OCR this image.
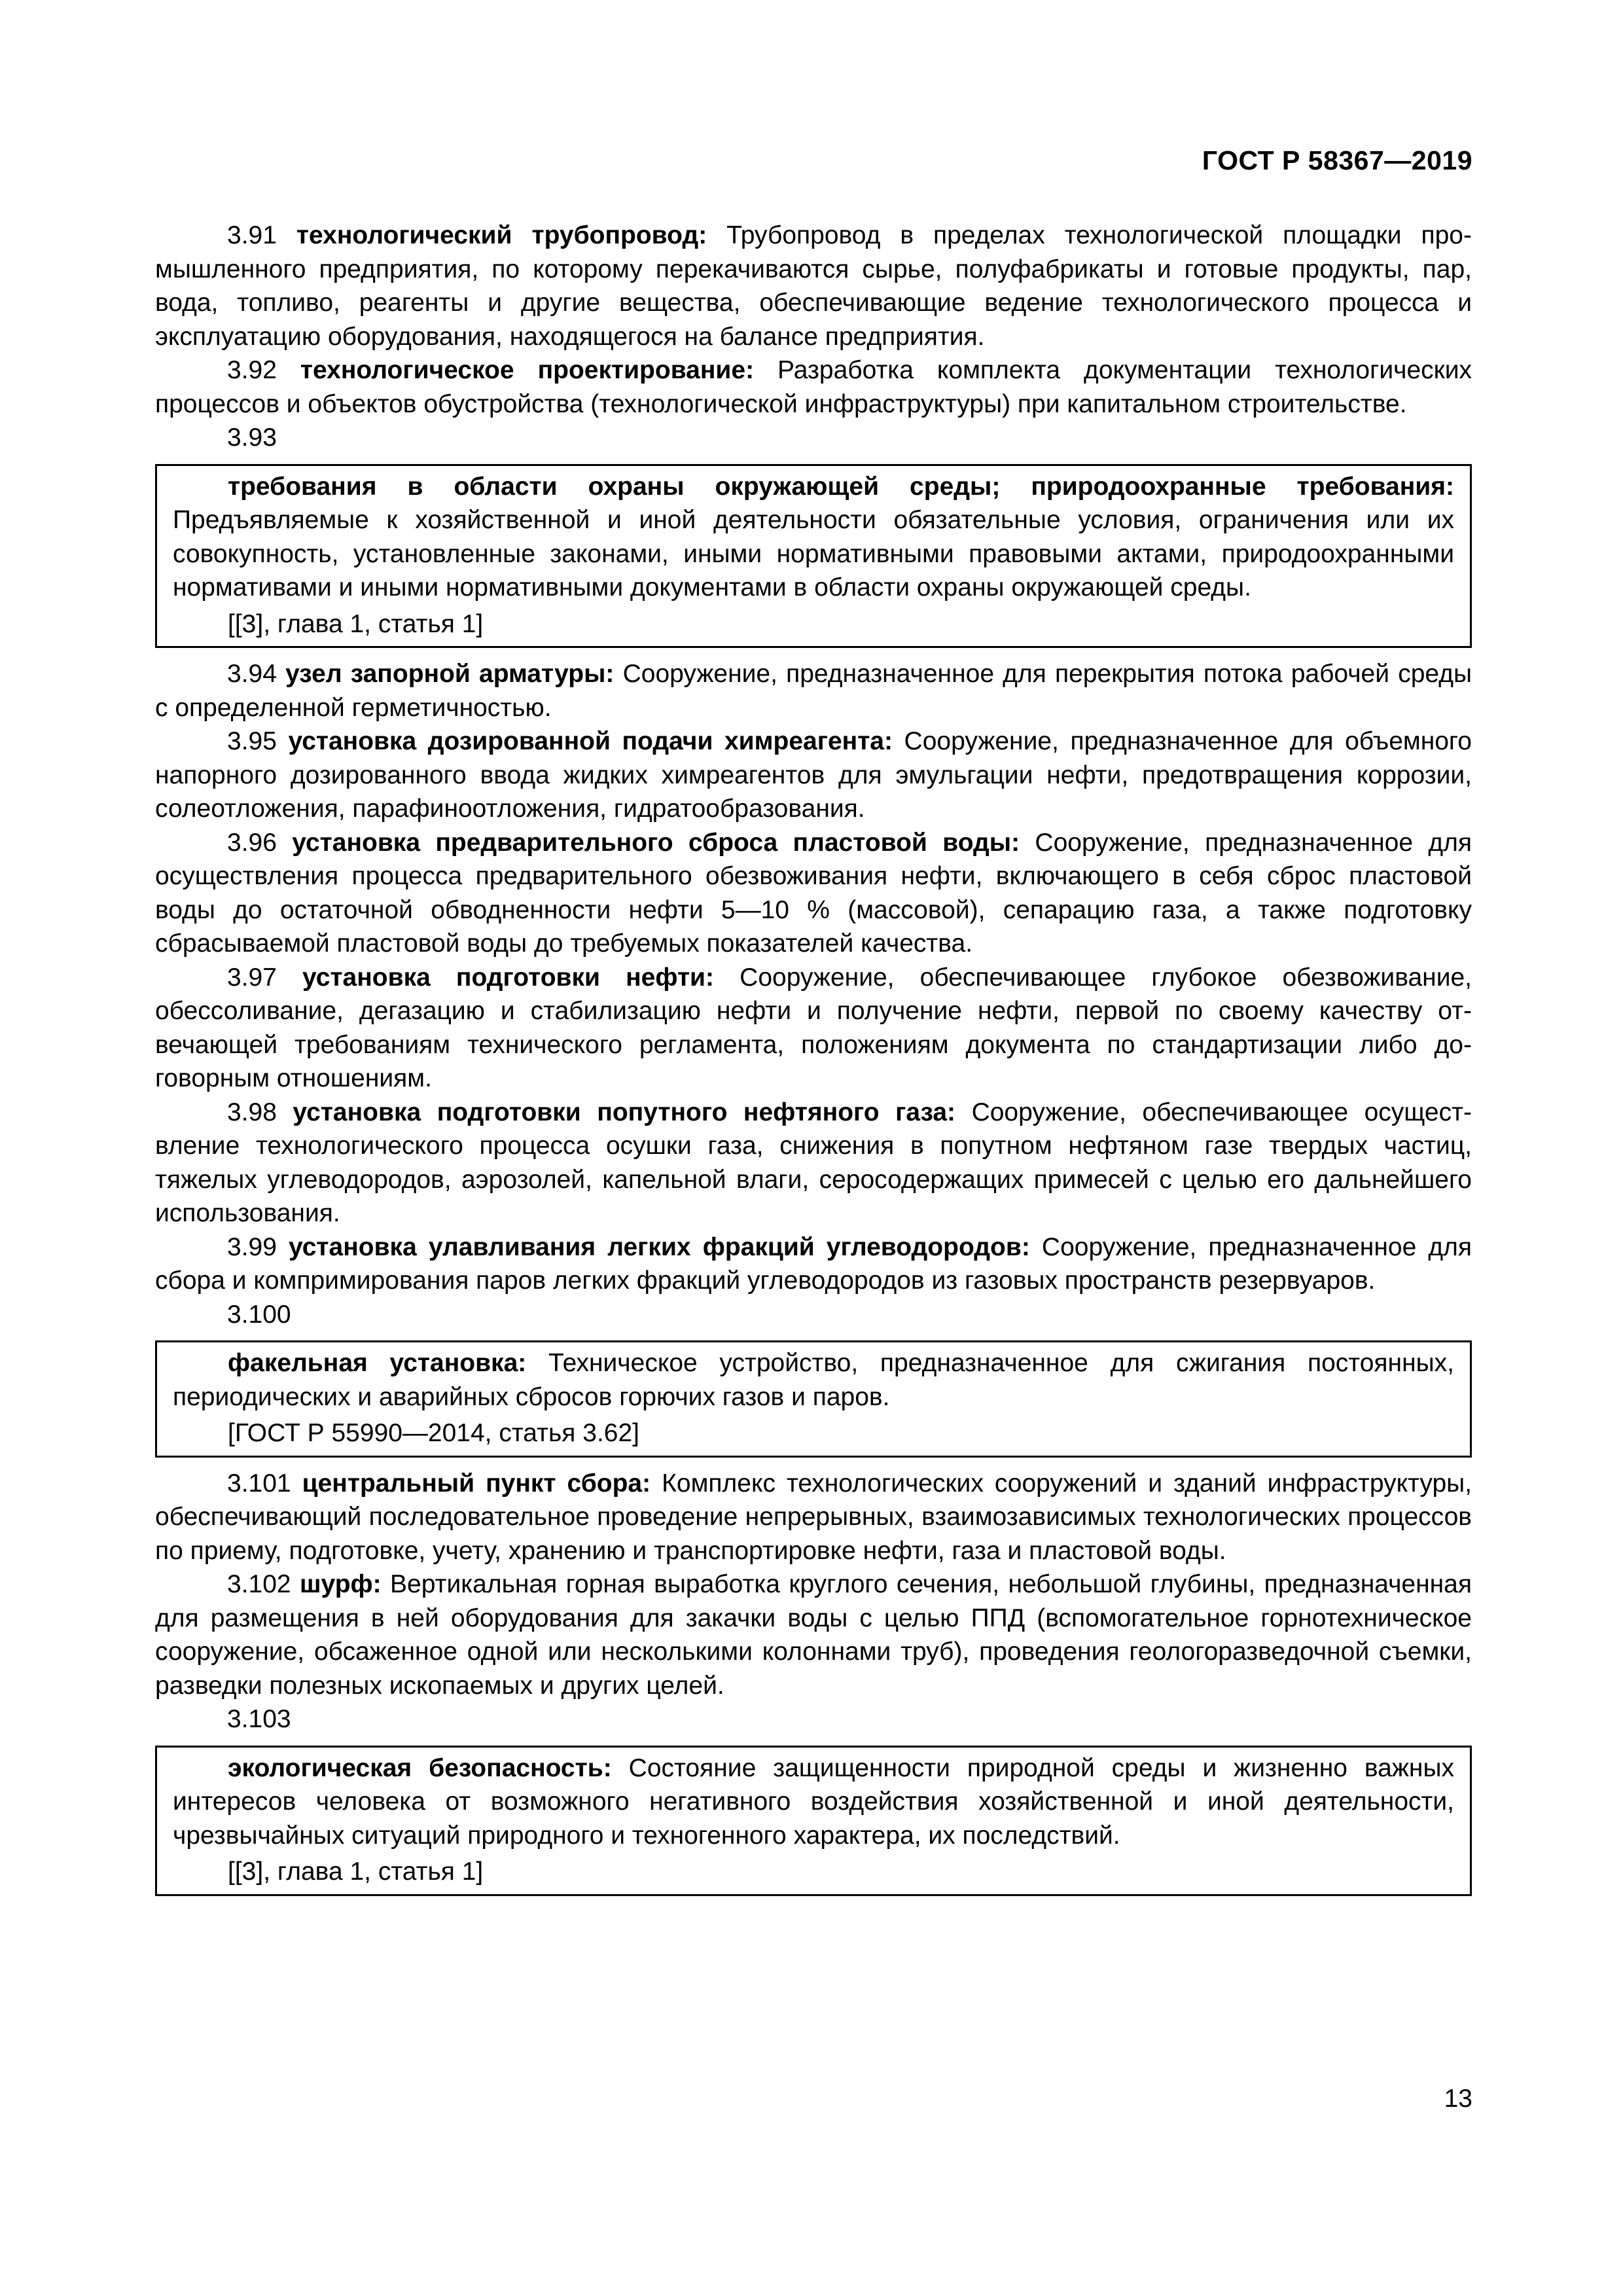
ГОСТ Р 58367—2019

3.91 технологический трубопровод: Трубопровод в пределах технологической площадки промышленного предприятия, по которому перекачиваются сырье, полуфабрикаты и готовые продукты, пар, вода, топливо, реагенты и другие вещества, обеспечивающие ведение технологического процесса и эксплуатацию оборудования, находящегося на балансе предприятия.

3.92 технологическое проектирование: Разработка комплекта документации технологических процессов и объектов обустройства (технологической инфраструктуры) при капитальном строительстве.

3.93

требования в области охраны окружающей среды; природоохранные требования: Предъявляемые к хозяйственной и иной деятельности обязательные условия, ограничения или их совокупность, установленные законами, иными нормативными правовыми актами, природоохранными нормативами и иными нормативными документами в области охраны окружающей среды.

[[3], глава 1, статья 1]

3.94 узел запорной арматуры: Сооружение, предназначенное для перекрытия потока рабочей среды с определенной герметичностью.

3.95 установка дозированной подачи химреагента: Сооружение, предназначенное для объемного напорного дозированного ввода жидких химреагентов для эмульгации нефти, предотвращения коррозии, солеотложения, парафиноотложения, гидратообразования.

3.96 установка предварительного сброса пластовой воды: Сооружение, предназначенное для осуществления процесса предварительного обезвоживания нефти, включающего в себя сброс пластовой воды до остаточной обводненности нефти 5—10 % (массовой), сепарацию газа, а также подготовку сбрасываемой пластовой воды до требуемых показателей качества.

3.97 установка подготовки нефти: Сооружение, обеспечивающее глубокое обезвоживание, обессоливание, дегазацию и стабилизацию нефти и получение нефти, первой по своему качеству отвечающей требованиям технического регламента, положениям документа по стандартизации либо договорным отношениям.

3.98 установка подготовки попутного нефтяного газа: Сооружение, обеспечивающее осуществление технологического процесса осушки газа, снижения в попутном нефтяном газе твердых частиц, тяжелых углеводородов, аэрозолей, капельной влаги, серосодержащих примесей с целью его дальнейшего использования.

3.99 установка улавливания легких фракций углеводородов: Сооружение, предназначенное для сбора и компримирования паров легких фракций углеводородов из газовых пространств резервуаров.

3.100

факельная установка: Техническое устройство, предназначенное для сжигания постоянных, периодических и аварийных сбросов горючих газов и паров.

[ГОСТ Р 55990—2014, статья 3.62]

3.101 центральный пункт сбора: Комплекс технологических сооружений и зданий инфраструктуры, обеспечивающий последовательное проведение непрерывных, взаимозависимых технологических процессов по приему, подготовке, учету, хранению и транспортировке нефти, газа и пластовой воды.

3.102 шурф: Вертикальная горная выработка круглого сечения, небольшой глубины, предназначенная для размещения в ней оборудования для закачки воды с целью ППД (вспомогательное горнотехническое сооружение, обсаженное одной или несколькими колоннами труб), проведения геологоразведочной съемки, разведки полезных ископаемых и других целей.

3.103

экологическая безопасность: Состояние защищенности природной среды и жизненно важных интересов человека от возможного негативного воздействия хозяйственной и иной деятельности, чрезвычайных ситуаций природного и техногенного характера, их последствий.

[[3], глава 1, статья 1]

13
